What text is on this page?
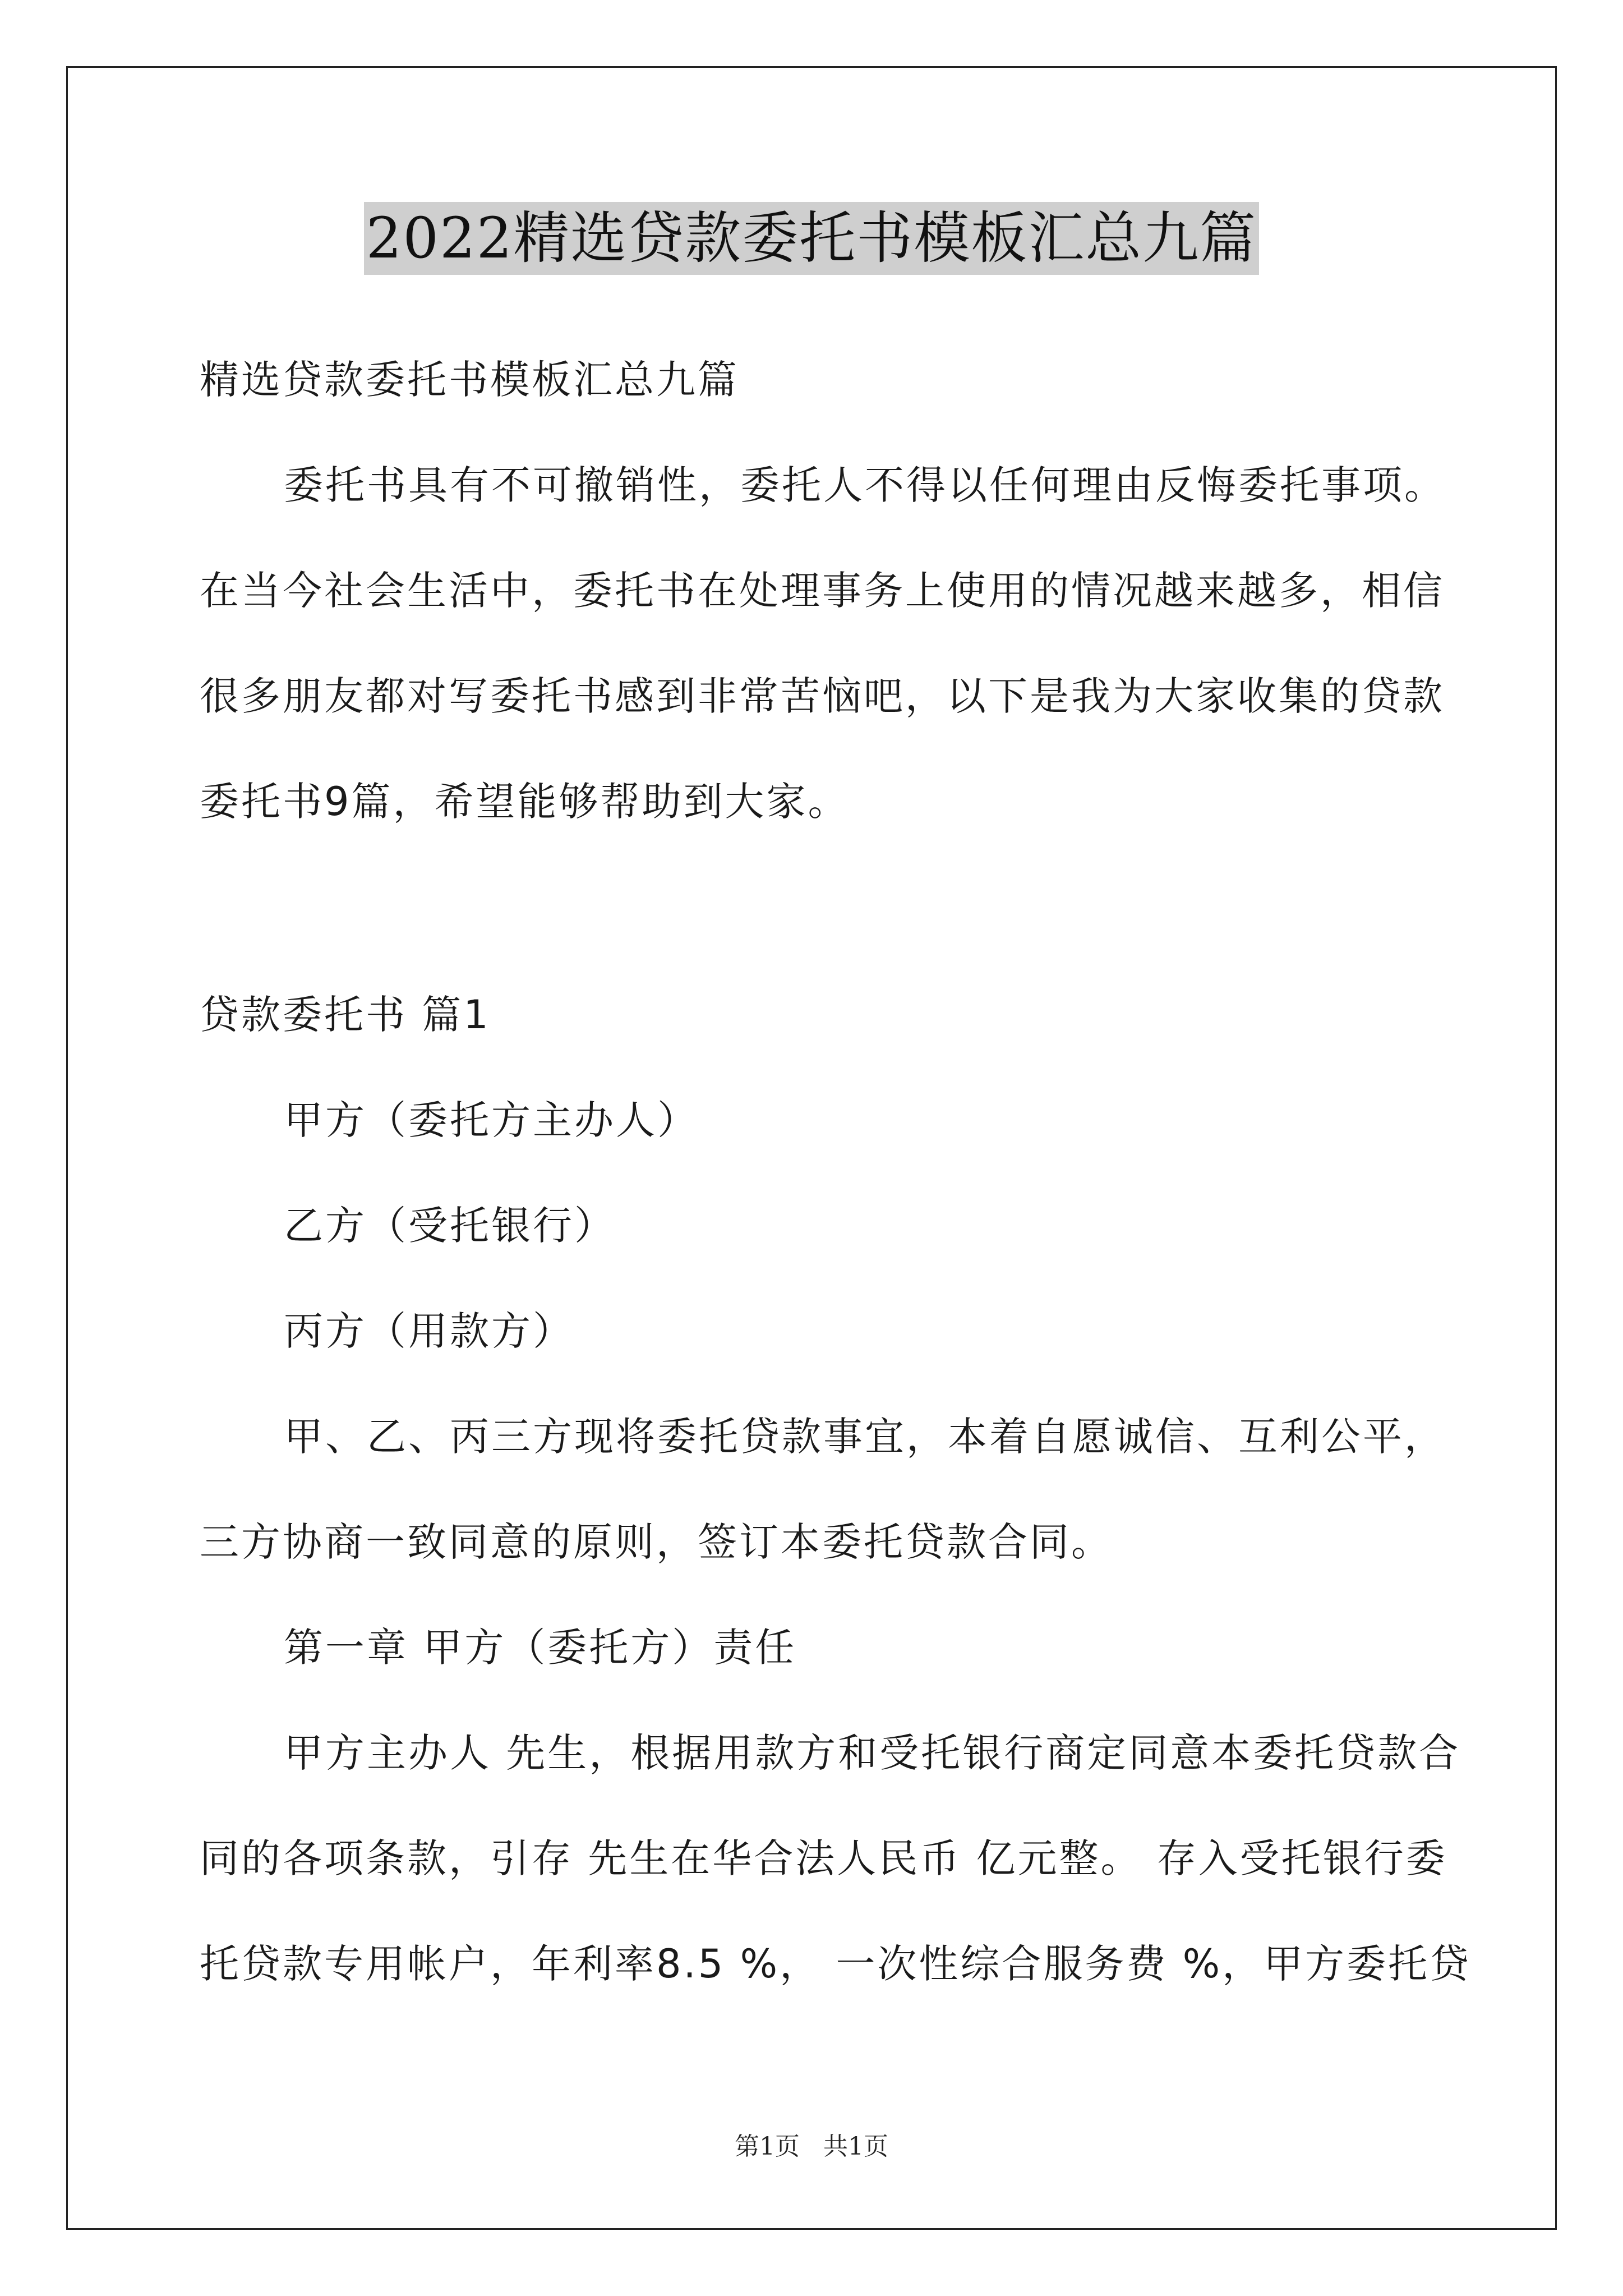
2022精选贷款委托书模板汇总九篇
精选贷款委托书模板汇总九篇
委托书具有不可撤销性，委托人不得以任何理由反悔委托事项。
在当今社会生活中，委托书在处理事务上使用的情况越来越多，相信
很多朋友都对写委托书感到非常苦恼吧，以下是我为大家收集的贷款
委托书9篇，希望能够帮助到大家。
贷款委托书 篇1
甲方（委托方主办人）
乙方（受托银行）
丙方（用款方）
甲、乙、丙三方现将委托贷款事宜，本着自愿诚信、互利公平，
三方协商一致同意的原则，签订本委托贷款合同。
第一章 甲方（委托方）责任
甲方主办人 先生，根据用款方和受托银行商定同意本委托贷款合
同的各项条款，引存 先生在华合法人民币 亿元整。 存入受托银行委
托贷款专用帐户，年利率8.5 %， 一次性综合服务费 %，甲方委托贷
第1页   共1页
